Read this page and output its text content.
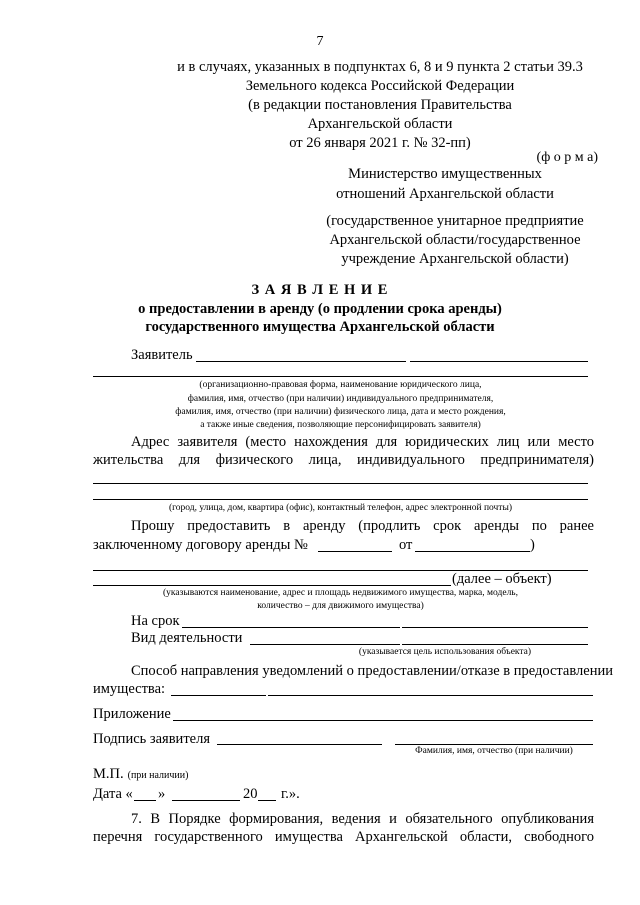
7
и в случаях, указанных в подпунктах 6, 8 и 9 пункта 2 статьи 39.3
Земельного кодекса Российской Федерации
(в редакции постановления Правительства
Архангельской области
от 26 января 2021 г. № 32-пп)
(ф о р м а)
Министерство имущественных
отношений Архангельской области
(государственное унитарное предприятие
Архангельской области/государственное
учреждение Архангельской области)
З А Я В Л Е Н И Е
о предоставлении в аренду (о продлении срока аренды)
государственного имущества Архангельской области
Заявитель
(организационно-правовая форма, наименование юридического лица,
фамилия, имя, отчество (при наличии) индивидуального предпринимателя,
фамилия, имя, отчество (при наличии) физического лица, дата и место рождения,
а также иные сведения, позволяющие персонифицировать заявителя)
Адрес заявителя (место нахождения для юридических лиц или место
жительства для физического лица, индивидуального предпринимателя)
(город, улица, дом, квартира (офис), контактный телефон, адрес электронной почты)
Прошу предоставить в аренду (продлить срок аренды по ранее
заключенному договору аренды №	от	)
(далее – объект)
(указываются наименование, адрес и площадь недвижимого имущества, марка, модель,
количество – для движимого имущества)
На срок
Вид деятельности
(указывается цель использования объекта)
Способ направления уведомлений о предоставлении/отказе в предоставлении
имущества:
Приложение
Подпись заявителя
Фамилия, имя, отчество (при наличии)
М.П. (при наличии)
Дата « »	20 г.».
7. В Порядке формирования, ведения и обязательного опубликования
перечня государственного имущества Архангельской области, свободного
